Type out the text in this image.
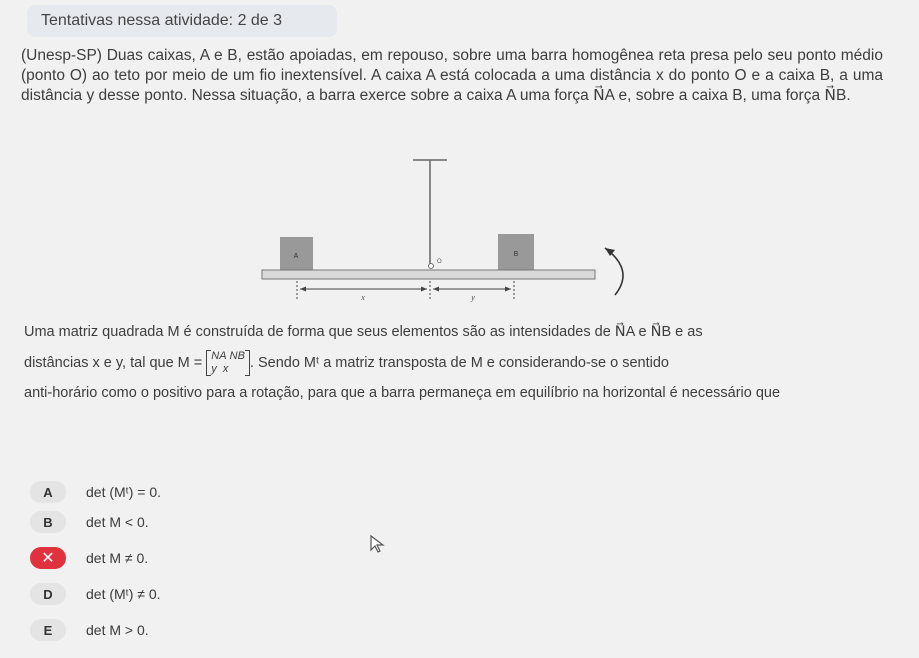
Tentativas nessa atividade: 2 de 3
(Unesp-SP) Duas caixas, A e B, estão apoiadas, em repouso, sobre uma barra homogênea reta presa pelo seu ponto médio (ponto O) ao teto por meio de um fio inextensível. A caixa A está colocada a uma distância x do ponto O e a caixa B, a uma distância y desse ponto. Nessa situação, a barra exerce sobre a caixa A uma força N⃗A e, sobre a caixa B, uma força N⃗B.
A	B
O
x	y

Uma matriz quadrada M é construída de forma que seus elementos são as intensidades de N⃗A e N⃗B e as

distâncias x e y, tal que M = NA NB
y x . Sendo Mᵗ a matriz transposta de M e considerando-se o sentido

anti-horário como o positivo para a rotação, para que a barra permaneça em equilíbrio na horizontal é necessário que

A	det (Mᵗ) = 0.
B	det M < 0.
✕	det M ≠ 0.
D	det (Mᵗ) ≠ 0.
E	det M > 0.
